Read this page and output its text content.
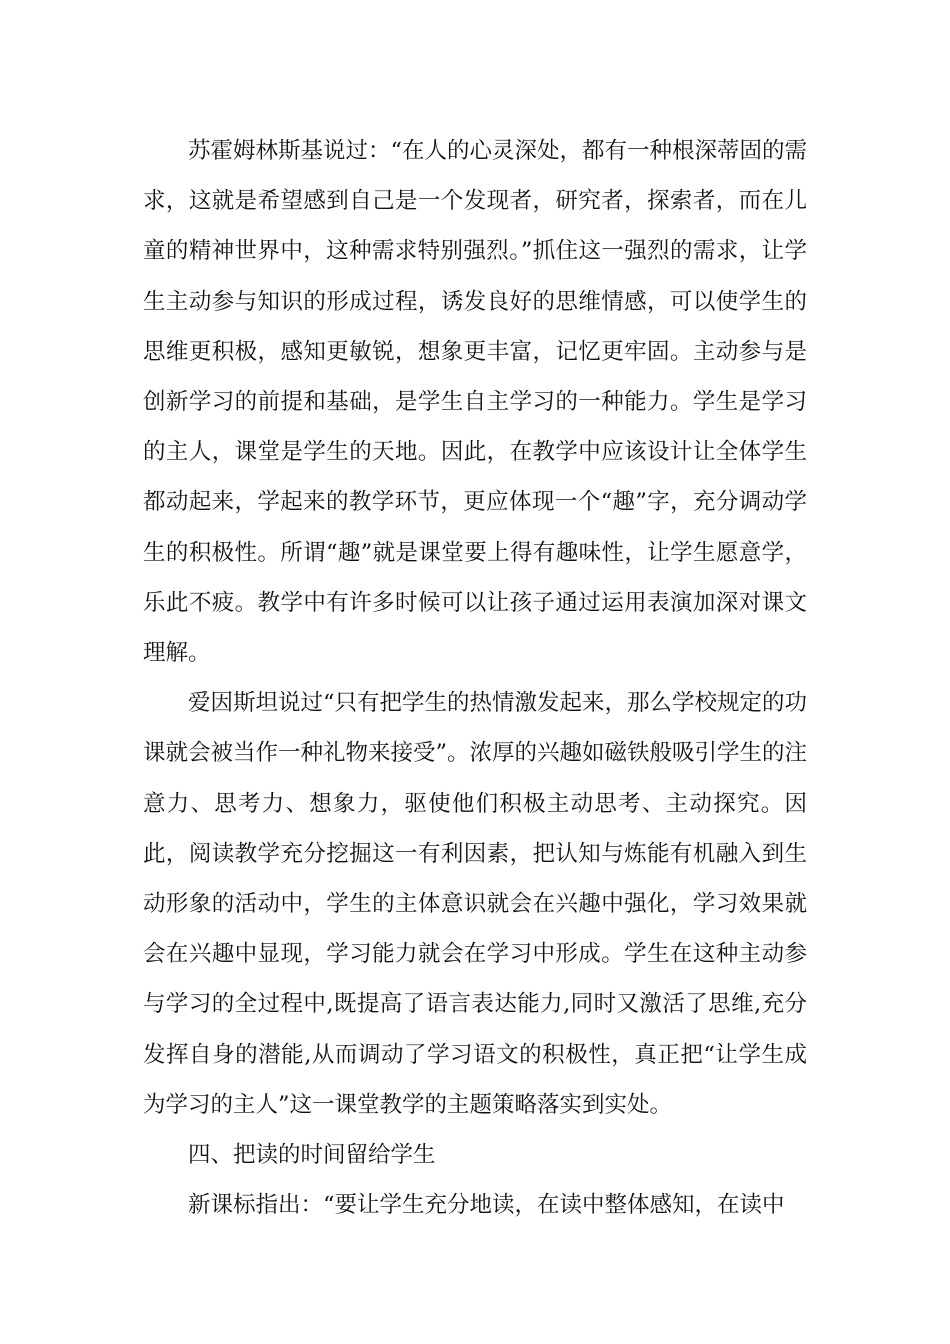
苏霍姆林斯基说过：“在人的心灵深处，都有一种根深蒂固的需求，这就是希望感到自己是一个发现者，研究者，探索者，而在儿童的精神世界中，这种需求特别强烈。”抓住这一强烈的需求，让学生主动参与知识的形成过程，诱发良好的思维情感，可以使学生的思维更积极，感知更敏锐，想象更丰富，记忆更牢固。主动参与是创新学习的前提和基础，是学生自主学习的一种能力。学生是学习的主人，课堂是学生的天地。因此，在教学中应该设计让全体学生都动起来，学起来的教学环节，更应体现一个“趣”字，充分调动学生的积极性。所谓“趣”就是课堂要上得有趣味性，让学生愿意学，乐此不疲。教学中有许多时候可以让孩子通过运用表演加深对课文理解。

爱因斯坦说过“只有把学生的热情激发起来，那么学校规定的功课就会被当作一种礼物来接受”。浓厚的兴趣如磁铁般吸引学生的注意力、思考力、想象力，驱使他们积极主动思考、主动探究。因此，阅读教学充分挖掘这一有利因素，把认知与炼能有机融入到生动形象的活动中，学生的主体意识就会在兴趣中强化，学习效果就会在兴趣中显现，学习能力就会在学习中形成。学生在这种主动参与学习的全过程中,既提高了语言表达能力,同时又激活了思维,充分发挥自身的潜能,从而调动了学习语文的积极性，真正把“让学生成为学习的主人”这一课堂教学的主题策略落实到实处。

四、把读的时间留给学生

新课标指出：“要让学生充分地读，在读中整体感知，在读中
